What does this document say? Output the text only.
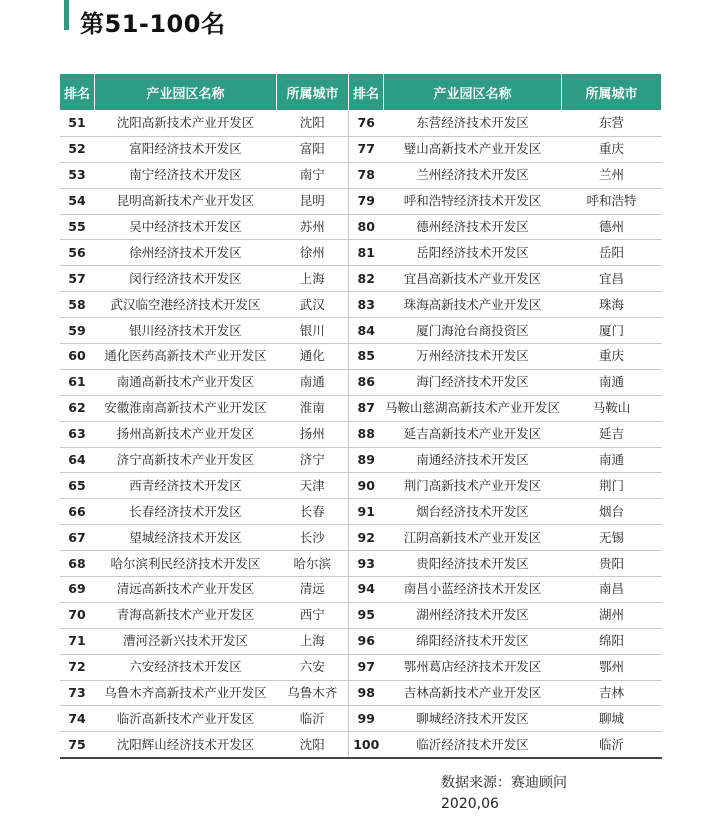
第51-100名
排名	产业园区名称	所属城市	排名	产业园区名称	所属城市
51	沈阳高新技术产业开发区	沈阳	76	东营经济技术开发区	东营
52	富阳经济技术开发区	富阳	77	璧山高新技术产业开发区	重庆
53	南宁经济技术开发区	南宁	78	兰州经济技术开发区	兰州
54	昆明高新技术产业开发区	昆明	79	呼和浩特经济技术开发区	呼和浩特
55	吴中经济技术开发区	苏州	80	德州经济技术开发区	德州
56	徐州经济技术开发区	徐州	81	岳阳经济技术开发区	岳阳
57	闵行经济技术开发区	上海	82	宜昌高新技术产业开发区	宜昌
58	武汉临空港经济技术开发区	武汉	83	珠海高新技术产业开发区	珠海
59	银川经济技术开发区	银川	84	厦门海沧台商投资区	厦门
60	通化医药高新技术产业开发区	通化	85	万州经济技术开发区	重庆
61	南通高新技术产业开发区	南通	86	海门经济技术开发区	南通
62	安徽淮南高新技术产业开发区	淮南	87	马鞍山慈湖高新技术产业开发区	马鞍山
63	扬州高新技术产业开发区	扬州	88	延吉高新技术产业开发区	延吉
64	济宁高新技术产业开发区	济宁	89	南通经济技术开发区	南通
65	西青经济技术开发区	天津	90	荆门高新技术产业开发区	荆门
66	长春经济技术开发区	长春	91	烟台经济技术开发区	烟台
67	望城经济技术开发区	长沙	92	江阴高新技术产业开发区	无锡
68	哈尔滨利民经济技术开发区	哈尔滨	93	贵阳经济技术开发区	贵阳
69	清远高新技术产业开发区	清远	94	南昌小蓝经济技术开发区	南昌
70	青海高新技术产业开发区	西宁	95	湖州经济技术开发区	湖州
71	漕河泾新兴技术开发区	上海	96	绵阳经济技术开发区	绵阳
72	六安经济技术开发区	六安	97	鄂州葛店经济技术开发区	鄂州
73	乌鲁木齐高新技术产业开发区	乌鲁木齐	98	吉林高新技术产业开发区	吉林
74	临沂高新技术产业开发区	临沂	99	聊城经济技术开发区	聊城
75	沈阳辉山经济技术开发区	沈阳	100	临沂经济技术开发区	临沂
数据来源：赛迪顾问
2020,06
